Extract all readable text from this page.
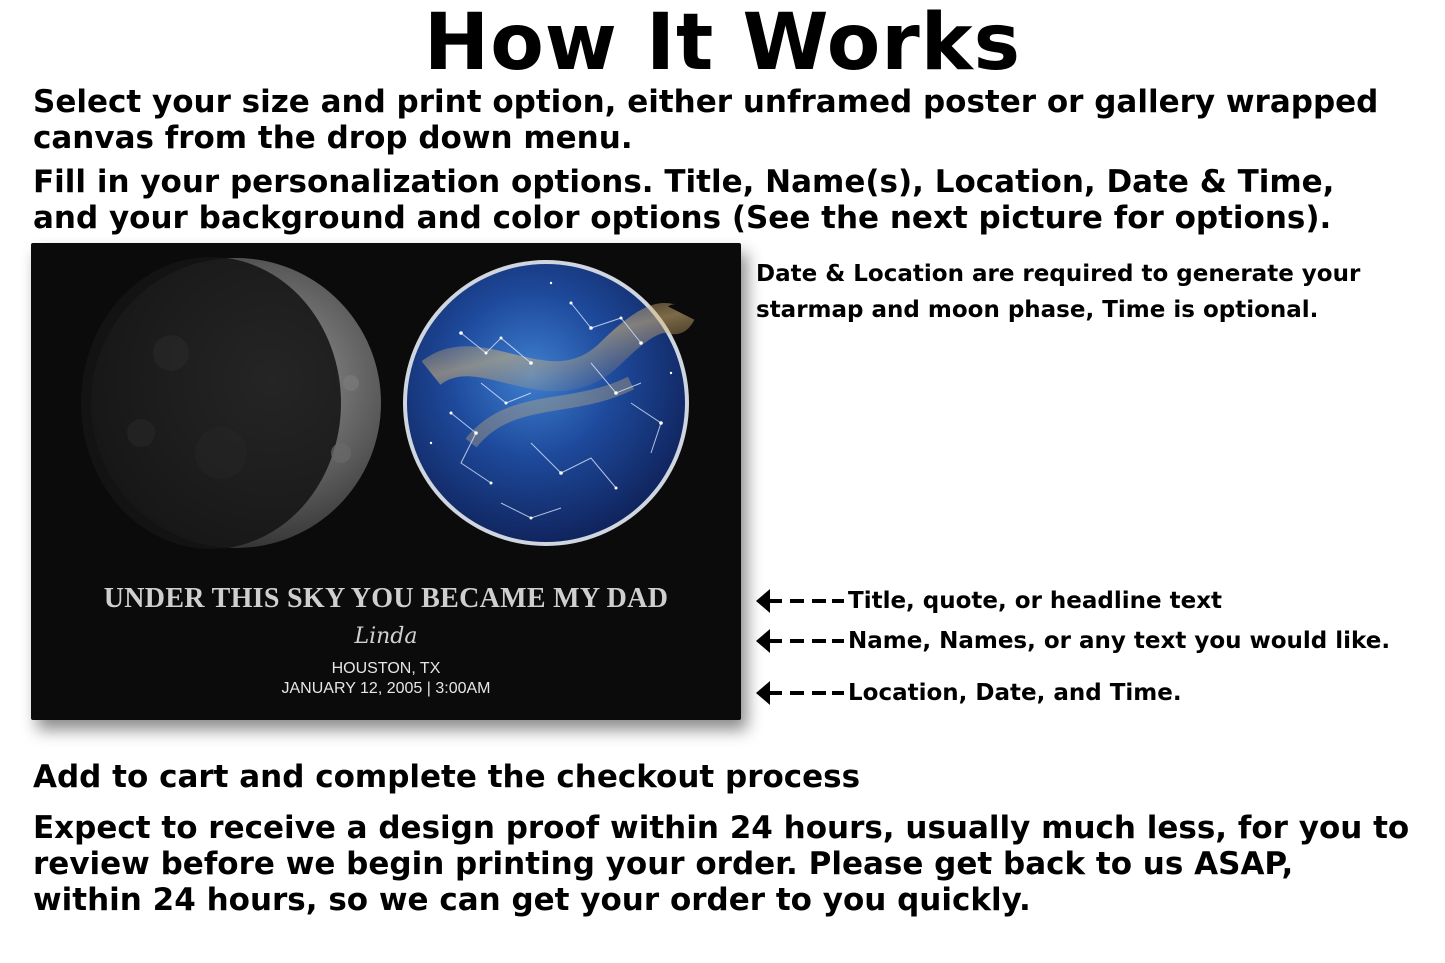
How It Works
Select your size and print option, either unframed poster or gallery wrapped
canvas from the drop down menu.
Fill in your personalization options. Title, Name(s), Location, Date & Time,
and your background and color options (See the next picture for options).
UNDER THIS SKY YOU BECAME MY DAD
Linda
HOUSTON, TX
JANUARY 12, 2005 | 3:00AM
Date & Location are required to generate your
starmap and moon phase, Time is optional.
Title, quote, or headline text
Name, Names, or any text you would like.
Location, Date, and Time.
Add to cart and complete the checkout process
Expect to receive a design proof within 24 hours, usually much less, for you to
review before we begin printing your order. Please get back to us ASAP,
within 24 hours, so we can get your order to you quickly.
